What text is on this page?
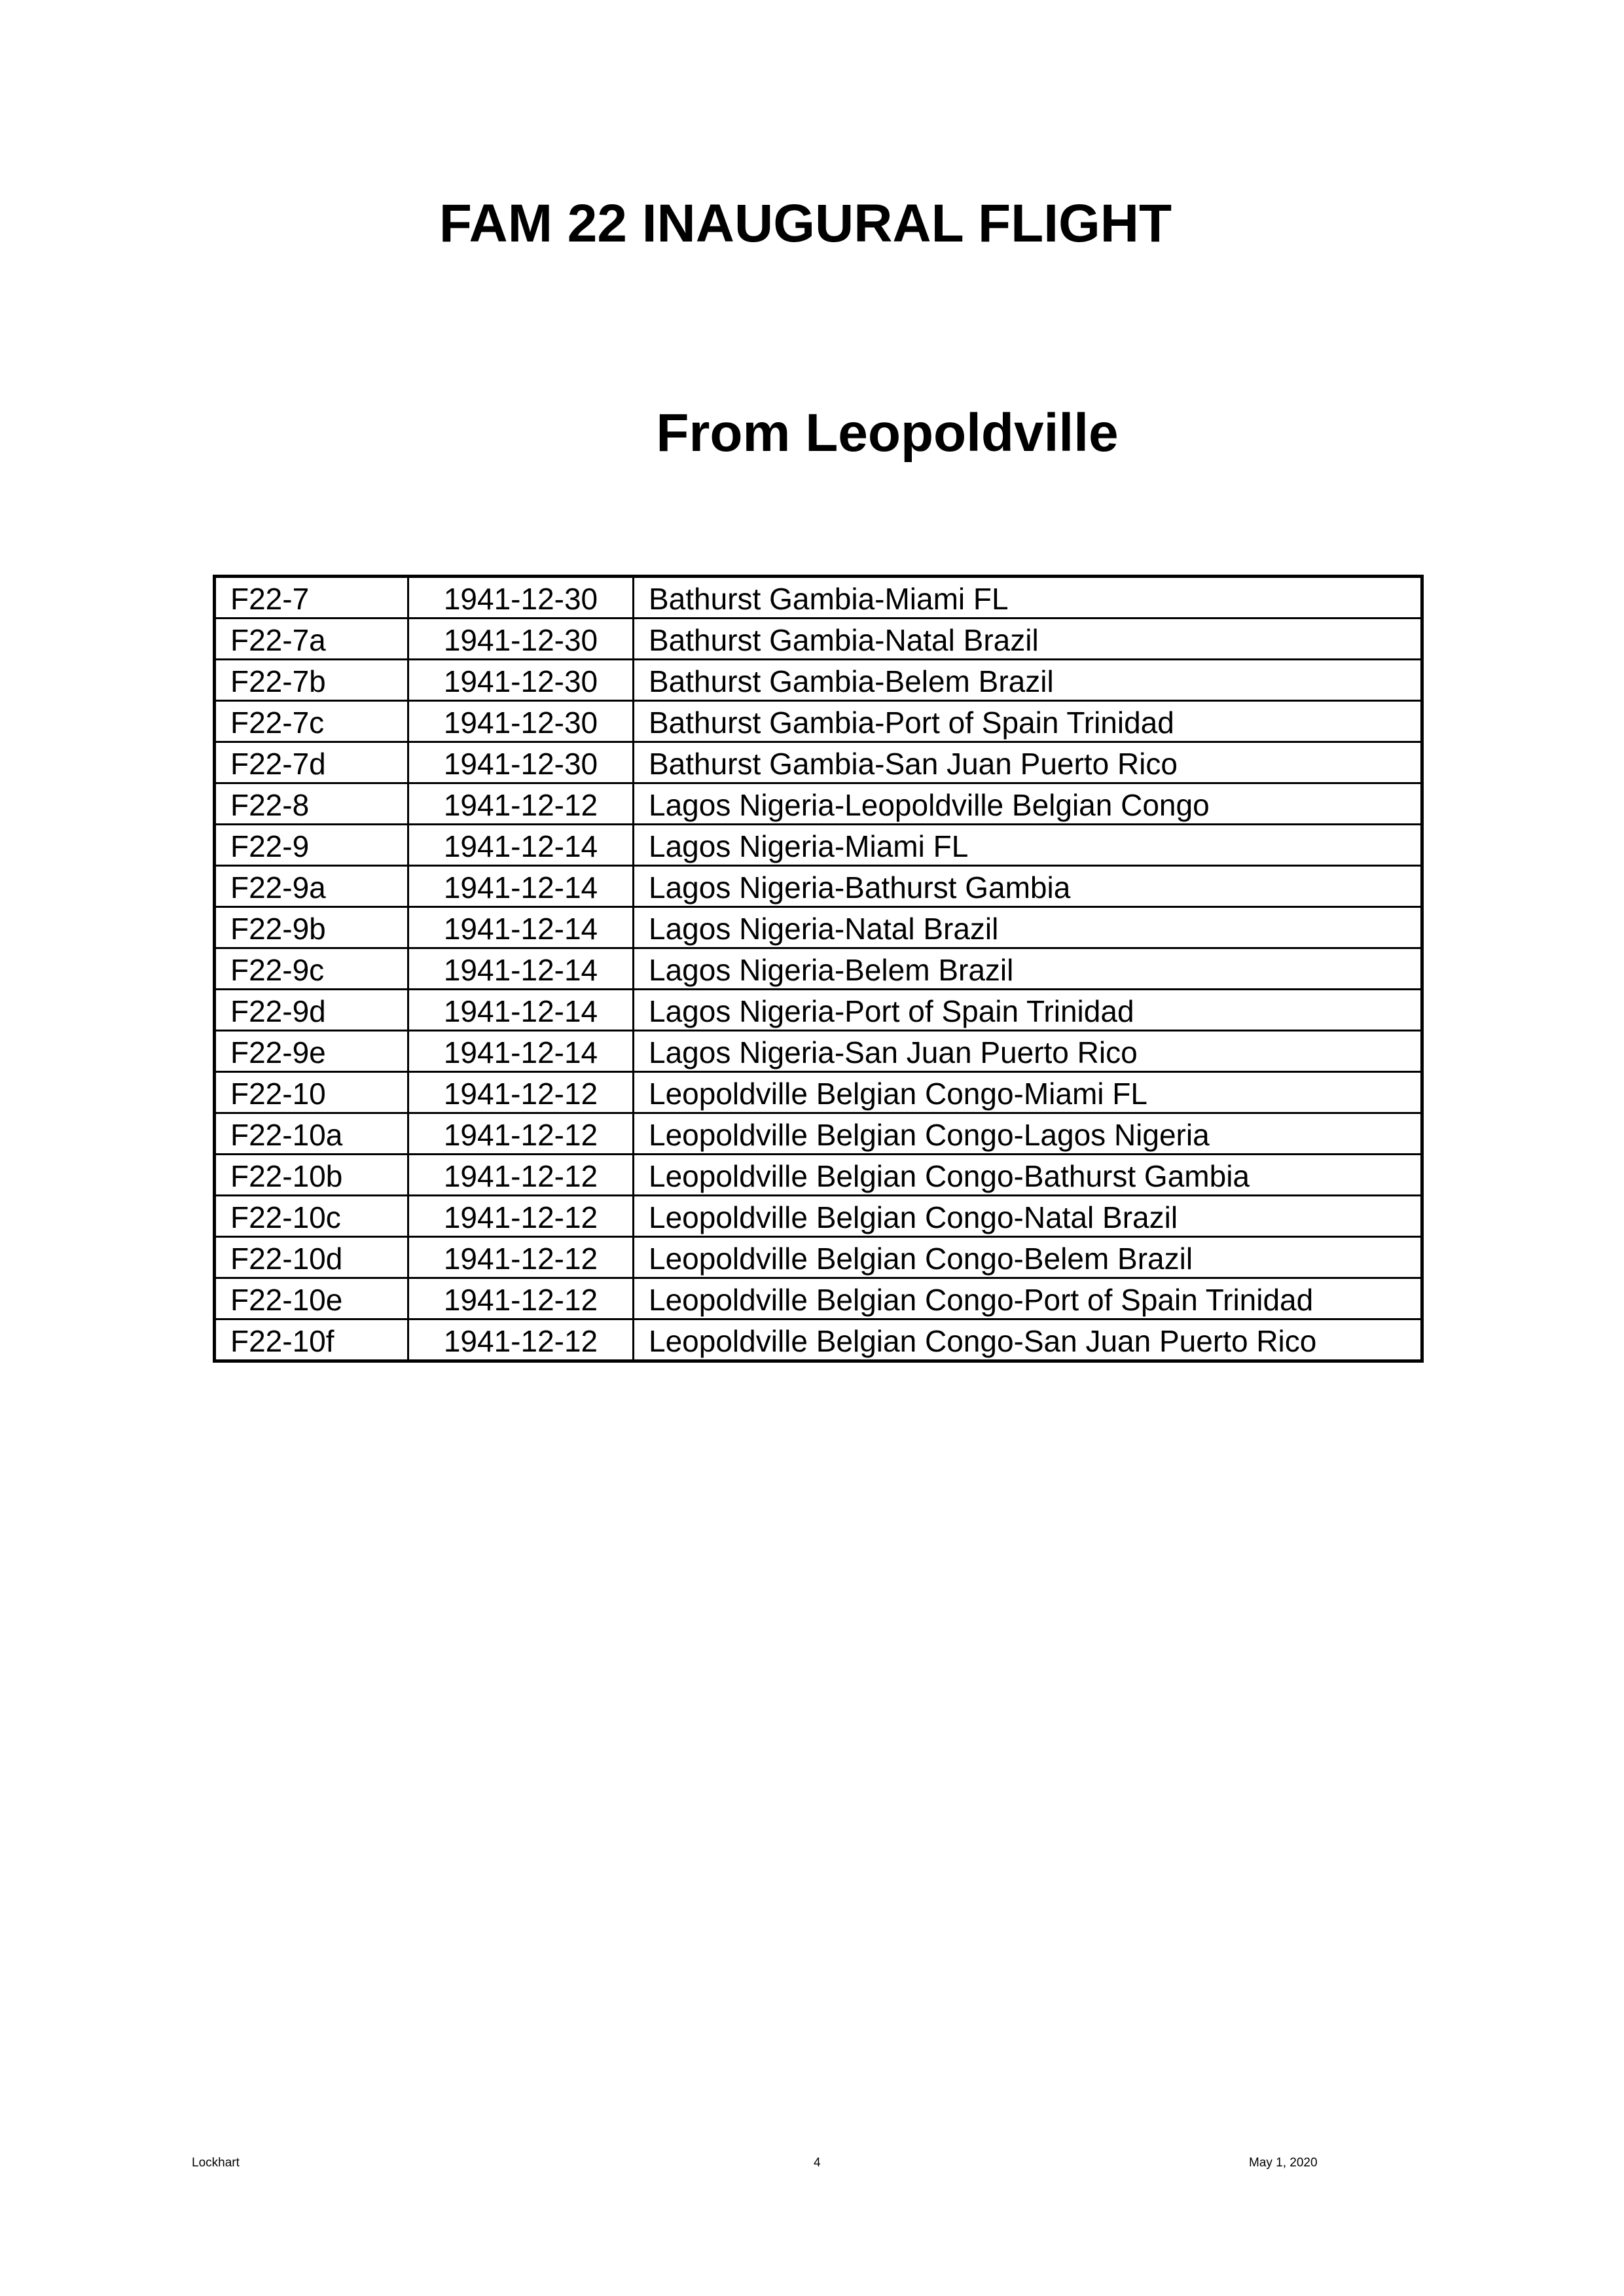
FAM 22 INAUGURAL FLIGHT
From Leopoldville
F22-7	1941-12-30	Bathurst Gambia-Miami FL
F22-7a	1941-12-30	Bathurst Gambia-Natal Brazil
F22-7b	1941-12-30	Bathurst Gambia-Belem Brazil
F22-7c	1941-12-30	Bathurst Gambia-Port of Spain Trinidad
F22-7d	1941-12-30	Bathurst Gambia-San Juan Puerto Rico
F22-8	1941-12-12	Lagos Nigeria-Leopoldville Belgian Congo
F22-9	1941-12-14	Lagos Nigeria-Miami FL
F22-9a	1941-12-14	Lagos Nigeria-Bathurst Gambia
F22-9b	1941-12-14	Lagos Nigeria-Natal Brazil
F22-9c	1941-12-14	Lagos Nigeria-Belem Brazil
F22-9d	1941-12-14	Lagos Nigeria-Port of Spain Trinidad
F22-9e	1941-12-14	Lagos Nigeria-San Juan Puerto Rico
F22-10	1941-12-12	Leopoldville Belgian Congo-Miami FL
F22-10a	1941-12-12	Leopoldville Belgian Congo-Lagos Nigeria
F22-10b	1941-12-12	Leopoldville Belgian Congo-Bathurst Gambia
F22-10c	1941-12-12	Leopoldville Belgian Congo-Natal Brazil
F22-10d	1941-12-12	Leopoldville Belgian Congo-Belem Brazil
F22-10e	1941-12-12	Leopoldville Belgian Congo-Port of Spain Trinidad
F22-10f	1941-12-12	Leopoldville Belgian Congo-San Juan Puerto Rico
Lockhart	4	May 1, 2020
